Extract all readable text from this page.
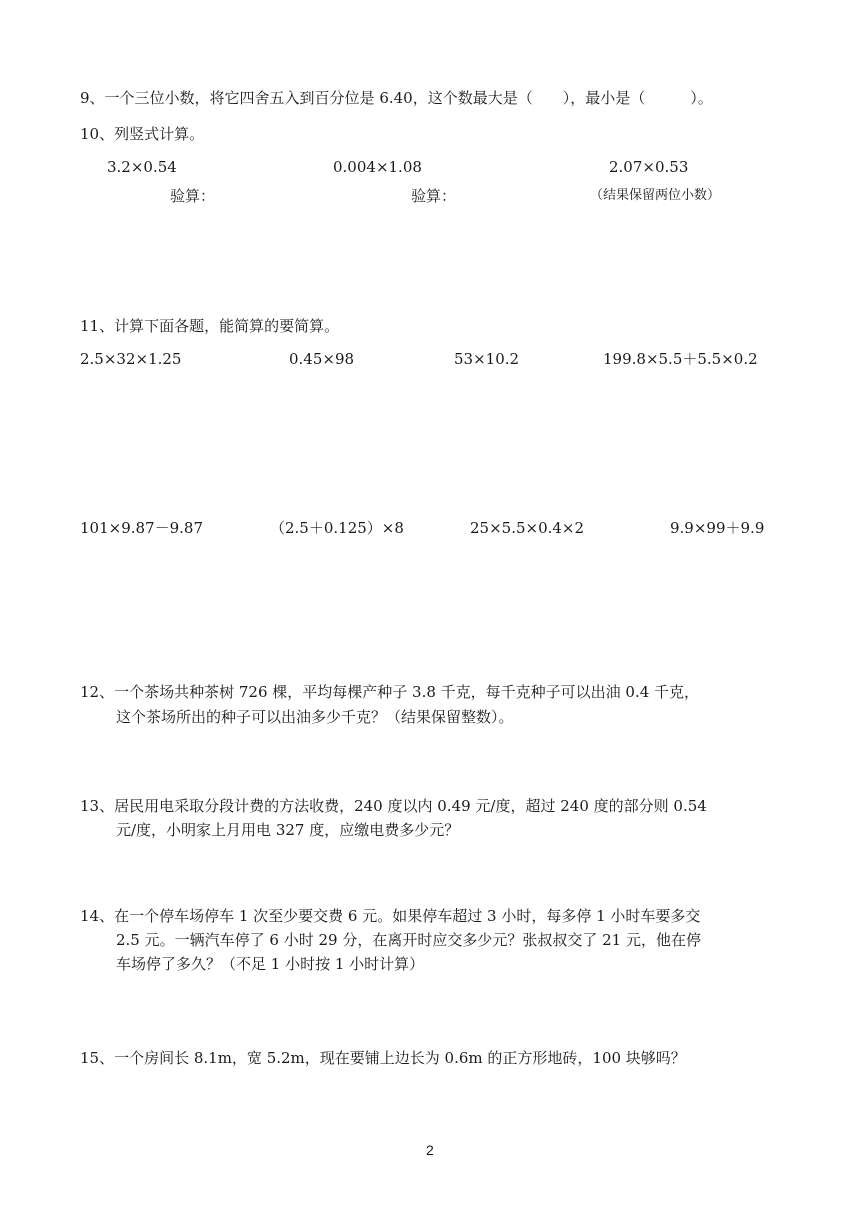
9、一个三位小数，将它四舍五入到百分位是 6.40，这个数最大是（　　），最小是（　　　）。
10、列竖式计算。
3.2×0.54	0.004×1.08	2.07×0.53
验算：	验算：	（结果保留两位小数）
11、计算下面各题，能简算的要简算。
2.5×32×1.25	0.45×98	53×10.2	199.8×5.5＋5.5×0.2
101×9.87－9.87	（2.5＋0.125）×8	25×5.5×0.4×2	9.9×99＋9.9
12、一个茶场共种茶树 726 棵，平均每棵产种子 3.8 千克，每千克种子可以出油 0.4 千克，
这个茶场所出的种子可以出油多少千克？（结果保留整数）。
13、居民用电采取分段计费的方法收费，240 度以内 0.49 元/度，超过 240 度的部分则 0.54
元/度，小明家上月用电 327 度，应缴电费多少元？
14、在一个停车场停车 1 次至少要交费 6 元。如果停车超过 3 小时，每多停 1 小时车要多交
2.5 元。一辆汽车停了 6 小时 29 分，在离开时应交多少元？张叔叔交了 21 元，他在停
车场停了多久？（不足 1 小时按 1 小时计算）
15、一个房间长 8.1m，宽 5.2m，现在要铺上边长为 0.6m 的正方形地砖，100 块够吗？
2
